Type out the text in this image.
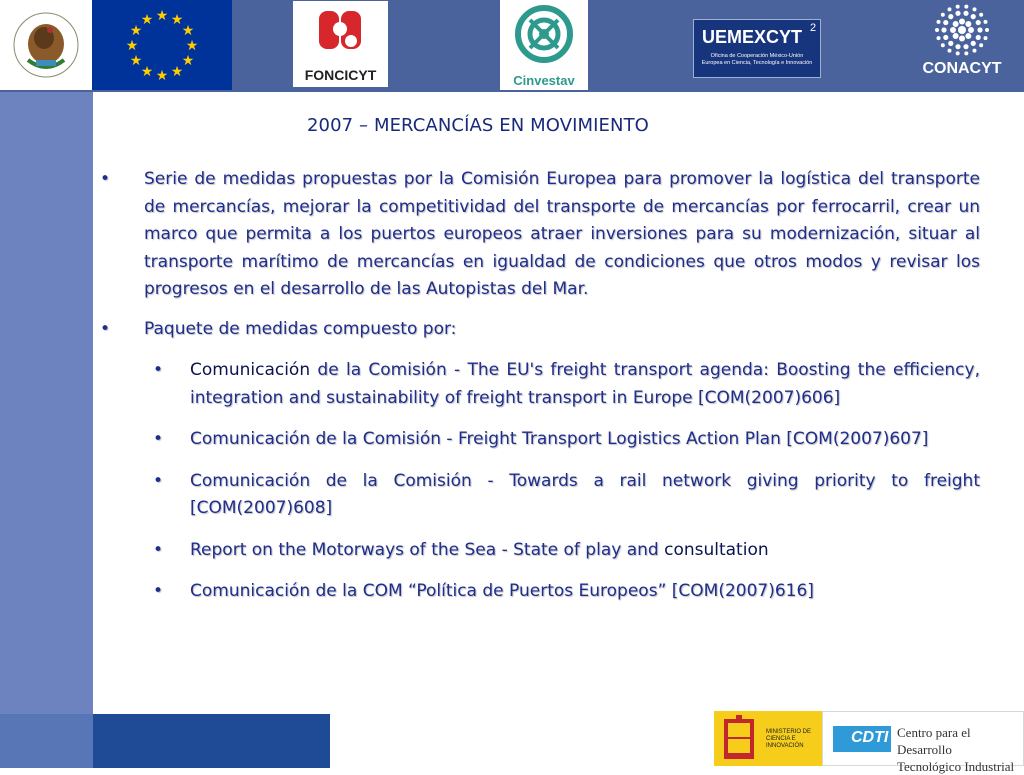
★ ★
★
★
★
★
★
★
★
★
★
★
FONCICYT	Cinvestav
UEMEXCYT 2
Oficina de Cooperación México-Unión Europea en Ciencia, Tecnología e Innovación	CONACYT
MINISTERIO DE CIENCIA E INNOVACIÓN	CDTI Centro para el Desarrollo
Tecnológico Industrial
2007 – MERCANCÍAS EN MOVIMIENTO
• Serie de medidas propuestas por la Comisión Europea para promover la logística del transporte de mercancías, mejorar la competitividad del transporte de mercancías por ferrocarril, crear un marco que permita a los puertos europeos atraer inversiones para su modernización, situar al transporte marítimo de mercancías en igualdad de condiciones que otros modos y revisar los progresos en el desarrollo de las Autopistas del Mar.
• Paquete de medidas compuesto por:
• Comunicación de la Comisión - The EU's freight transport agenda: Boosting the efficiency, integration and sustainability of freight transport in Europe [COM(2007)606]
• Comunicación de la Comisión - Freight Transport Logistics Action Plan [COM(2007)607]
• Comunicación de la Comisión - Towards a rail network giving priority to freight [COM(2007)608]
• Report on the Motorways of the Sea - State of play and consultation
• Comunicación de la COM “Política de Puertos Europeos” [COM(2007)616]
